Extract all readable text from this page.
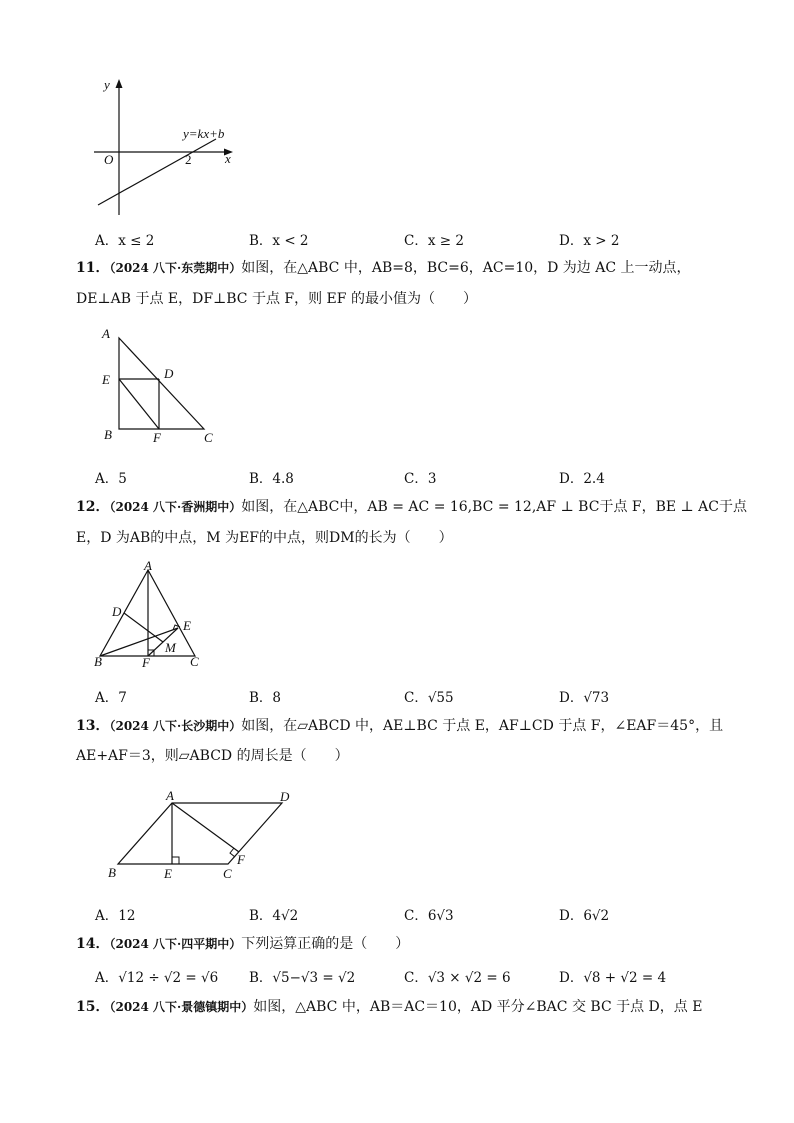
y
x
O	2
y=kx+b
A．x ≤ 2	B．x < 2	C．x ≥ 2	D．x > 2
11．（2024 八下·东莞期中）如图，在△ABC 中，AB=8，BC=6，AC=10，D 为边 AC 上一动点，
DE⊥AB 于点 E，DF⊥BC 于点 F，则 EF 的最小值为（　　）
A
E	D
B	F	C
A．5	B．4.8	C．3	D．2.4
12．（2024 八下·香洲期中）如图，在△ABC中，AB = AC = 16,BC = 12,AF ⊥ BC于点 F，BE ⊥ AC于点
E，D 为AB的中点，M 为EF的中点，则DM的长为（　　）
A
D
E
M
B	F	C
A．7	B．8	C．√55	D．√73
13．（2024 八下·长沙期中）如图，在▱ABCD 中，AE⊥BC 于点 E，AF⊥CD 于点 F，∠EAF＝45°，且
AE+AF＝3，则▱ABCD 的周长是（　　）
A	D
F
B	E	C
A．12	B．4√2	C．6√3	D．6√2
14．（2024 八下·四平期中）下列运算正确的是（　　）
A．√12 ÷ √2 = √6 B．√5−√3 = √2	C．√3 × √2 = 6	D．√8 + √2 = 4
15．（2024 八下·景德镇期中）如图，△ABC 中，AB＝AC＝10，AD 平分∠BAC 交 BC 于点 D，点 E
